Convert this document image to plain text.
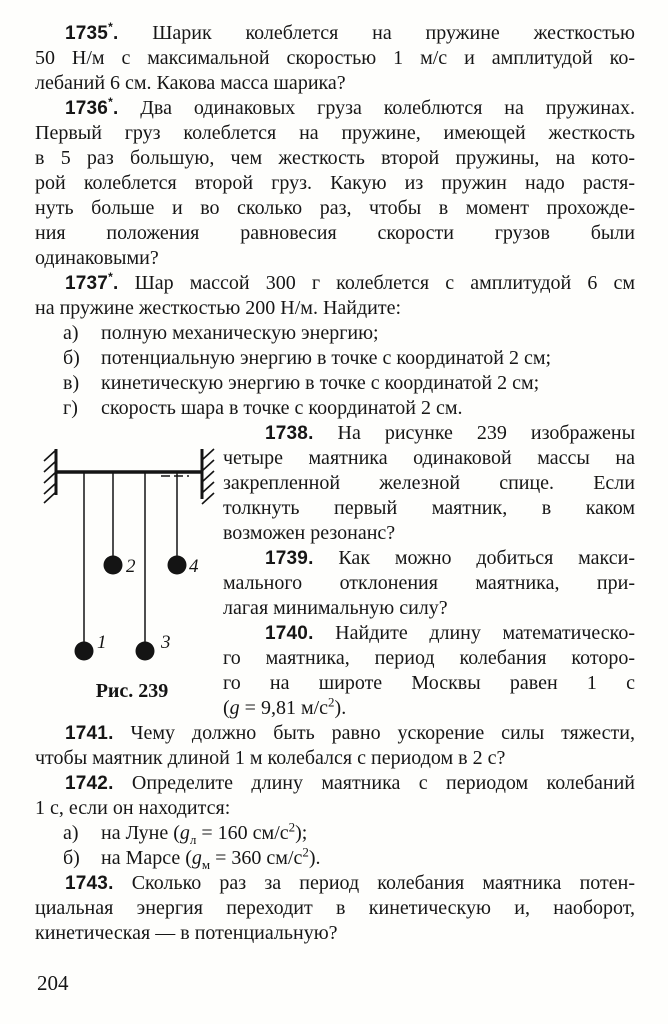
1735*. Шарик колеблется на пружине жесткостью
50 Н/м с максимальной скоростью 1 м/с и амплитудой ко-
лебаний 6 см. Какова масса шарика?
1736*. Два одинаковых груза колеблются на пружинах.
Первый груз колеблется на пружине, имеющей жесткость
в 5 раз большую, чем жесткость второй пружины, на кото-
рой колеблется второй груз. Какую из пружин надо растя-
нуть больше и во сколько раз, чтобы в момент прохожде-
ния положения равновесия скорости грузов были
одинаковыми?
1737*. Шар массой 300 г колеблется с амплитудой 6 см
на пружине жесткостью 200 Н/м. Найдите:
а) полную механическую энергию;
б) потенциальную энергию в точке с координатой 2 см;
в) кинетическую энергию в точке с координатой 2 см;
г) скорость шара в точке с координатой 2 см.
1
2
3
4
Рис. 239
1738. На рисунке 239 изображены
четыре маятника одинаковой массы на
закрепленной железной спице. Если
толкнуть первый маятник, в каком
возможен резонанс?
1739. Как можно добиться макси-
мального отклонения маятника, при-
лагая минимальную силу?
1740. Найдите длину математическо-
го маятника, период колебания которо-
го на широте Москвы равен 1 с
(g = 9,81 $м/с^2$).
1741. Чему должно быть равно ускорение силы тяжести,
чтобы маятник длиной 1 м колебался с периодом в 2 с?
1742. Определите длину маятника с периодом колебаний
1 с, если он находится:
а) на Луне ($g_л = 160$ $см/с^2$);
б) на Марсе ($g_м = 360$ $см/с^2$).
1743. Сколько раз за период колебания маятника потен-
циальная энергия переходит в кинетическую и, наоборот,
кинетическая — в потенциальную?
204
